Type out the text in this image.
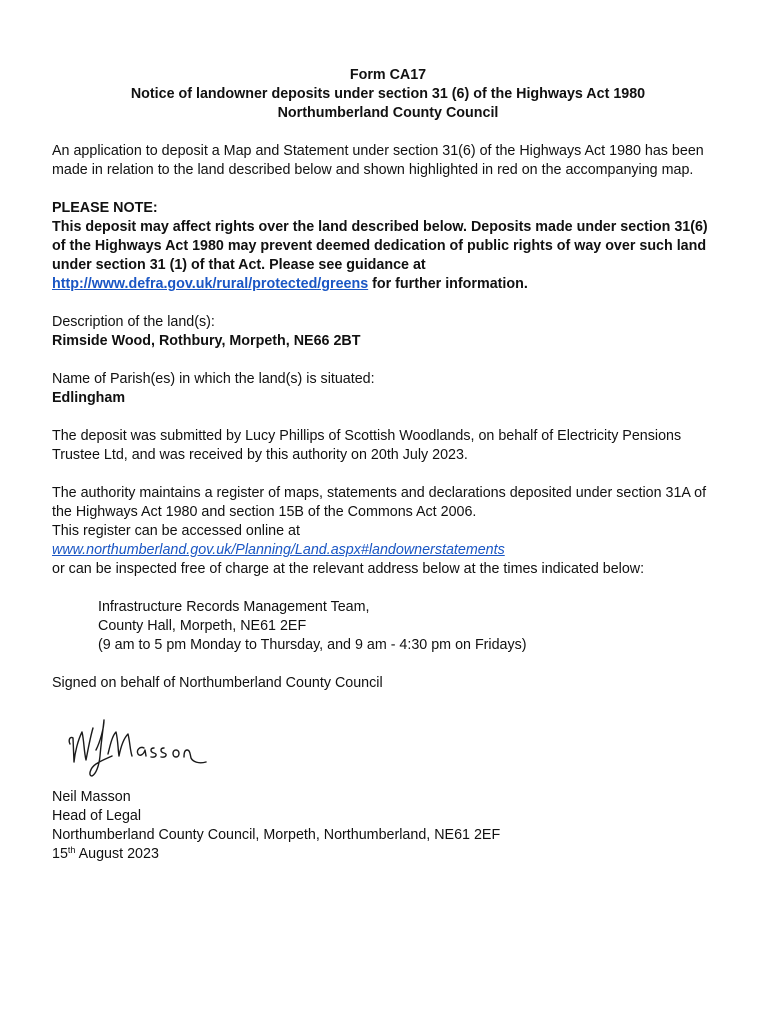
Form CA17
Notice of landowner deposits under section 31 (6) of the Highways Act 1980
Northumberland County Council

An application to deposit a Map and Statement under section 31(6) of the Highways Act 1980 has been made in relation to the land described below and shown highlighted in red on the accompanying map.

PLEASE NOTE:
This deposit may affect rights over the land described below. Deposits made under section 31(6) of the Highways Act 1980 may prevent deemed dedication of public rights of way over such land under section 31 (1) of that Act. Please see guidance at http://www.defra.gov.uk/rural/protected/greens for further information.

Description of the land(s):
Rimside Wood, Rothbury, Morpeth, NE66 2BT

Name of Parish(es) in which the land(s) is situated:
Edlingham

The deposit was submitted by Lucy Phillips of Scottish Woodlands, on behalf of Electricity Pensions Trustee Ltd, and was received by this authority on 20th July 2023.

The authority maintains a register of maps, statements and declarations deposited under section 31A of the Highways Act 1980 and section 15B of the Commons Act 2006.
This register can be accessed online at
www.northumberland.gov.uk/Planning/Land.aspx#landownerstatements
or can be inspected free of charge at the relevant address below at the times indicated below:

Infrastructure Records Management Team,
County Hall, Morpeth, NE61 2EF
(9 am to 5 pm Monday to Thursday, and 9 am - 4:30 pm on Fridays)

Signed on behalf of Northumberland County Council

Neil Masson
Head of Legal
Northumberland County Council, Morpeth, Northumberland, NE61 2EF
15th August 2023
